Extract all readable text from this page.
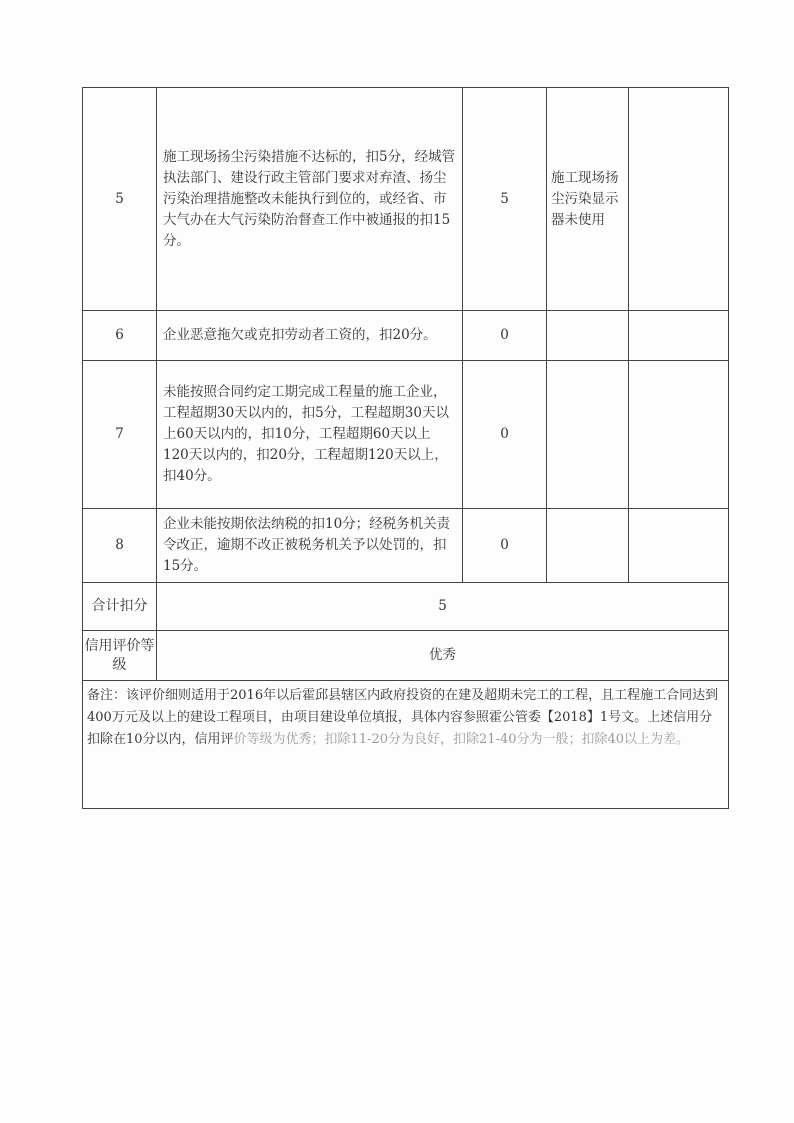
5	施工现场扬尘污染措施不达标的，扣5分，经城管执法部门、建设行政主管部门要求对弃渣、扬尘污染治理措施整改未能执行到位的，或经省、市大气办在大气污染防治督查工作中被通报的扣15分。	5	施工现场扬尘污染显示器未使用	
6	企业恶意拖欠或克扣劳动者工资的，扣20分。	0		
7	未能按照合同约定工期完成工程量的施工企业，工程超期30天以内的，扣5分，工程超期30天以上60天以内的，扣10分，工程超期60天以上120天以内的，扣20分，工程超期120天以上，扣40分。	0		
8	企业未能按期依法纳税的扣10分；经税务机关责令改正，逾期不改正被税务机关予以处罚的，扣15分。	0		
合计扣分	5			
信用评价等级	优秀			
备注：该评价细则适用于2016年以后霍邱县辖区内政府投资的在建及超期未完工的工程，且工程施工合同达到400万元及以上的建设工程项目，由项目建设单位填报，具体内容参照霍公管委【2018】1号文。上述信用分扣除在10分以内，信用评价等级为优秀；扣除11-20分为良好，扣除21-40分为一般；扣除40以上为差。				
